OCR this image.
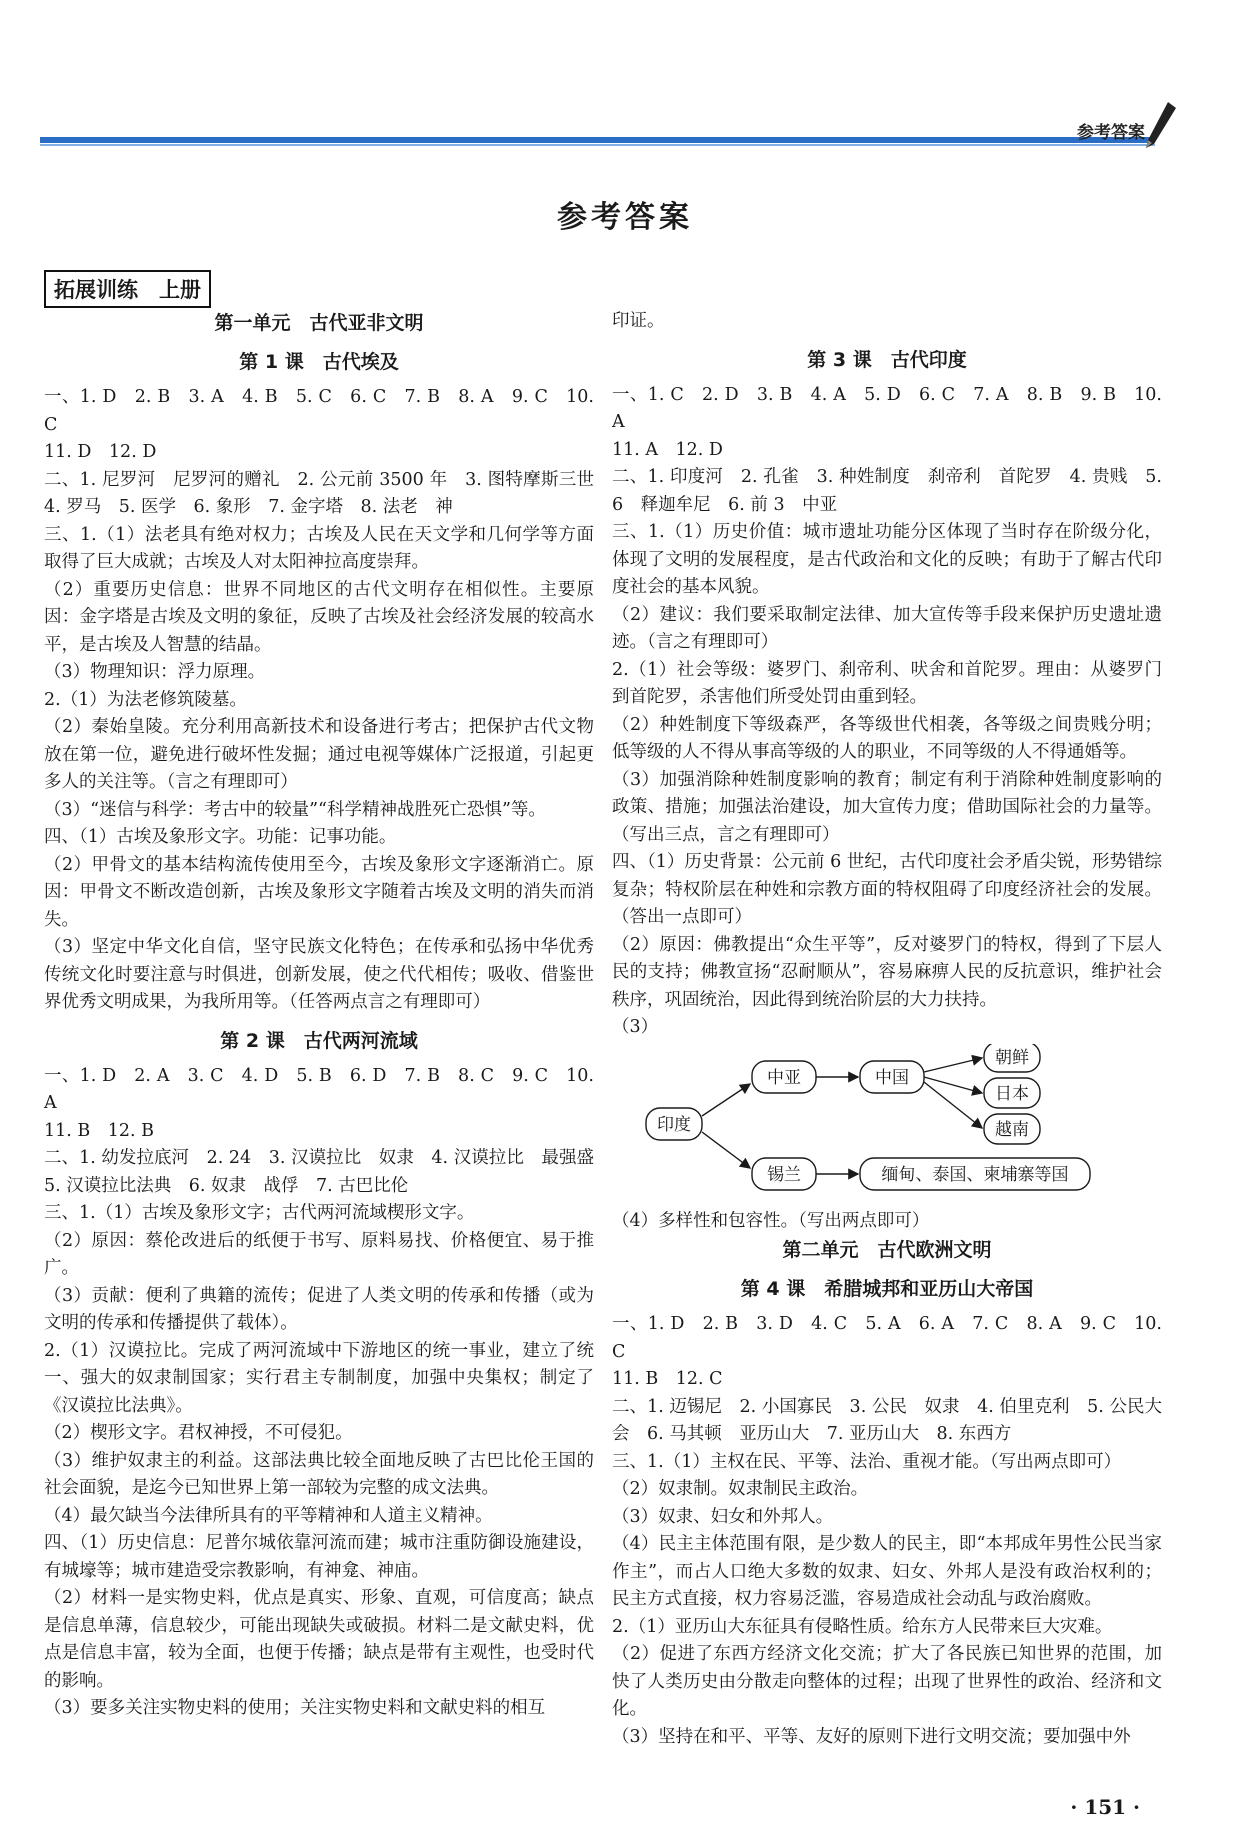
参考答案
参考答案
拓展训练　上册

第一单元　古代亚非文明

第 1 课　古代埃及

一、1. D　2. B　3. A　4. B　5. C　6. C　7. B　8. A　9. C　10. C

11. D　12. D

二、1. 尼罗河　尼罗河的赠礼　2. 公元前 3500 年　3. 图特摩斯三世　4. 罗马　5. 医学　6. 象形　7. 金字塔　8. 法老　神

三、1.（1）法老具有绝对权力；古埃及人民在天文学和几何学等方面取得了巨大成就；古埃及人对太阳神拉高度崇拜。

（2）重要历史信息：世界不同地区的古代文明存在相似性。主要原因：金字塔是古埃及文明的象征，反映了古埃及社会经济发展的较高水平，是古埃及人智慧的结晶。

（3）物理知识：浮力原理。

2.（1）为法老修筑陵墓。

（2）秦始皇陵。充分利用高新技术和设备进行考古；把保护古代文物放在第一位，避免进行破坏性发掘；通过电视等媒体广泛报道，引起更多人的关注等。（言之有理即可）

（3）“迷信与科学：考古中的较量”“科学精神战胜死亡恐惧”等。

四、（1）古埃及象形文字。功能：记事功能。

（2）甲骨文的基本结构流传使用至今，古埃及象形文字逐渐消亡。原因：甲骨文不断改造创新，古埃及象形文字随着古埃及文明的消失而消失。

（3）坚定中华文化自信，坚守民族文化特色；在传承和弘扬中华优秀传统文化时要注意与时俱进，创新发展，使之代代相传；吸收、借鉴世界优秀文明成果，为我所用等。（任答两点言之有理即可）

第 2 课　古代两河流域

一、1. D　2. A　3. C　4. D　5. B　6. D　7. B　8. C　9. C　10. A

11. B　12. B

二、1. 幼发拉底河　2. 24　3. 汉谟拉比　奴隶　4. 汉谟拉比　最强盛　5. 汉谟拉比法典　6. 奴隶　战俘　7. 古巴比伦

三、1.（1）古埃及象形文字；古代两河流域楔形文字。

（2）原因：蔡伦改进后的纸便于书写、原料易找、价格便宜、易于推广。

（3）贡献：便利了典籍的流传；促进了人类文明的传承和传播（或为文明的传承和传播提供了载体）。

2.（1）汉谟拉比。完成了两河流域中下游地区的统一事业，建立了统一、强大的奴隶制国家；实行君主专制制度，加强中央集权；制定了《汉谟拉比法典》。

（2）楔形文字。君权神授，不可侵犯。

（3）维护奴隶主的利益。这部法典比较全面地反映了古巴比伦王国的社会面貌，是迄今已知世界上第一部较为完整的成文法典。

（4）最欠缺当今法律所具有的平等精神和人道主义精神。

四、（1）历史信息：尼普尔城依靠河流而建；城市注重防御设施建设，有城壕等；城市建造受宗教影响，有神龛、神庙。

（2）材料一是实物史料，优点是真实、形象、直观，可信度高；缺点是信息单薄，信息较少，可能出现缺失或破损。材料二是文献史料，优点是信息丰富，较为全面，也便于传播；缺点是带有主观性，也受时代的影响。

（3）要多关注实物史料的使用；关注实物史料和文献史料的相互

印证。

第 3 课　古代印度

一、1. C　2. D　3. B　4. A　5. D　6. C　7. A　8. B　9. B　10. A

11. A　12. D

二、1. 印度河　2. 孔雀　3. 种姓制度　刹帝利　首陀罗　4. 贵贱　5. 6　释迦牟尼　6. 前 3　中亚

三、1.（1）历史价值：城市遗址功能分区体现了当时存在阶级分化，体现了文明的发展程度，是古代政治和文化的反映；有助于了解古代印度社会的基本风貌。

（2）建议：我们要采取制定法律、加大宣传等手段来保护历史遗址遗迹。（言之有理即可）

2.（1）社会等级：婆罗门、刹帝利、吠舍和首陀罗。理由：从婆罗门到首陀罗，杀害他们所受处罚由重到轻。

（2）种姓制度下等级森严，各等级世代相袭，各等级之间贵贱分明；低等级的人不得从事高等级的人的职业，不同等级的人不得通婚等。

（3）加强消除种姓制度影响的教育；制定有利于消除种姓制度影响的政策、措施；加强法治建设，加大宣传力度；借助国际社会的力量等。（写出三点，言之有理即可）

四、（1）历史背景：公元前 6 世纪，古代印度社会矛盾尖锐，形势错综复杂；特权阶层在种姓和宗教方面的特权阻碍了印度经济社会的发展。（答出一点即可）

（2）原因：佛教提出“众生平等”，反对婆罗门的特权，得到了下层人民的支持；佛教宣扬“忍耐顺从”，容易麻痹人民的反抗意识，维护社会秩序，巩固统治，因此得到统治阶层的大力扶持。

（3）

印度
中亚	中国
朝鲜
日本
越南
锡兰	缅甸、泰国、柬埔寨等国

（4）多样性和包容性。（写出两点即可）

第二单元　古代欧洲文明

第 4 课　希腊城邦和亚历山大帝国

一、1. D　2. B　3. D　4. C　5. A　6. A　7. C　8. A　9. C　10. C

11. B　12. C

二、1. 迈锡尼　2. 小国寡民　3. 公民　奴隶　4. 伯里克利　5. 公民大会　6. 马其顿　亚历山大　7. 亚历山大　8. 东西方

三、1.（1）主权在民、平等、法治、重视才能。（写出两点即可）

（2）奴隶制。奴隶制民主政治。

（3）奴隶、妇女和外邦人。

（4）民主主体范围有限，是少数人的民主，即“本邦成年男性公民当家作主”，而占人口绝大多数的奴隶、妇女、外邦人是没有政治权利的；民主方式直接，权力容易泛滥，容易造成社会动乱与政治腐败。

2.（1）亚历山大东征具有侵略性质。给东方人民带来巨大灾难。

（2）促进了东西方经济文化交流；扩大了各民族已知世界的范围，加快了人类历史由分散走向整体的过程；出现了世界性的政治、经济和文化。

（3）坚持在和平、平等、友好的原则下进行文明交流；要加强中外

· 151 ·
